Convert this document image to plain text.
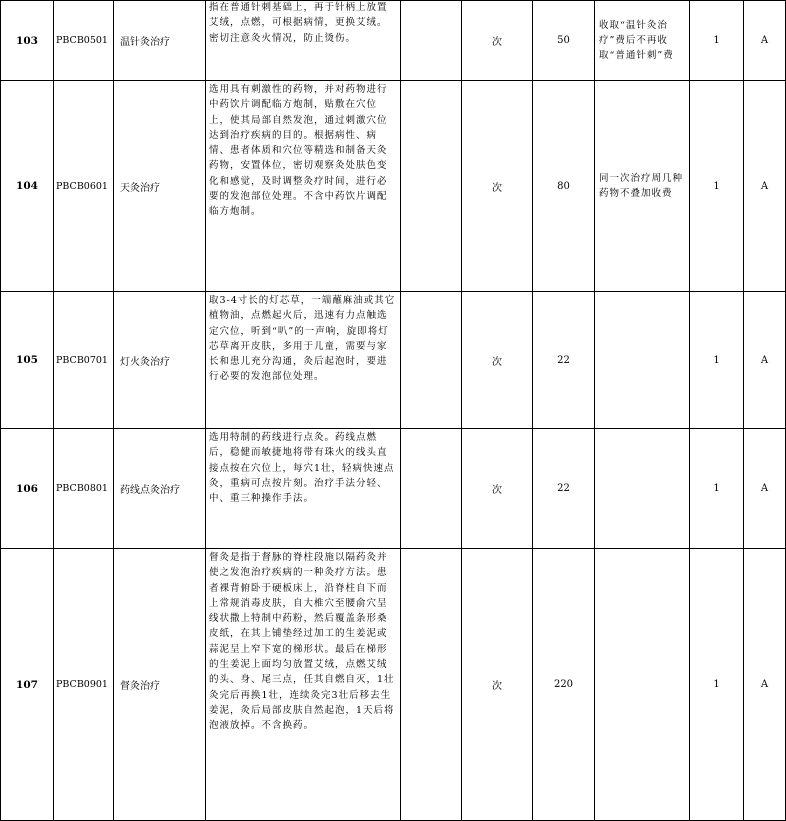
103	PBCB0501	温针灸治疗	指在普通针刺基础上，再于针柄上放置艾绒，点燃，可根据病情，更换艾绒。密切注意灸火情况，防止烫伤。		次	50	收取“温针灸治疗”费后不再收取“普通针刺”费	1	A
104	PBCB0601	天灸治疗	选用具有刺激性的药物，并对药物进行中药饮片调配临方炮制，贴敷在穴位上，使其局部自然发泡，通过刺激穴位达到治疗疾病的目的。根据病性、病情、患者体质和穴位等精选和制备天灸药物，安置体位，密切观察灸处肤色变化和感觉，及时调整灸疗时间，进行必要的发泡部位处理。不含中药饮片调配临方炮制。		次	80	同一次治疗周几种药物不叠加收费	1	A
105	PBCB0701	灯火灸治疗	取3-4寸长的灯芯草，一端蘸麻油或其它植物油，点燃起火后，迅速有力点触选定穴位，听到“叭”的一声响，旋即将灯芯草离开皮肤，多用于儿童，需要与家长和患儿充分沟通，灸后起泡时，要进行必要的发泡部位处理。		次	22		1	A
106	PBCB0801	药线点灸治疗	选用特制的药线进行点灸。药线点燃后，稳健而敏捷地将带有珠火的线头直接点按在穴位上，每穴1壮，轻病快速点灸，重病可点按片刻。治疗手法分轻、中、重三种操作手法。		次	22		1	A
107	PBCB0901	督灸治疗	督灸是指于督脉的脊柱段施以隔药灸并使之发泡治疗疾病的一种灸疗方法。患者裸背俯卧于硬板床上，沿脊柱自下而上常规消毒皮肤，自大椎穴至腰俞穴呈线状撒上特制中药粉，然后覆盖条形桑皮纸，在其上铺垫经过加工的生姜泥或蒜泥呈上窄下宽的梯形状。最后在梯形的生姜泥上面均匀放置艾绒，点燃艾绒的头、身、尾三点，任其自燃自灭，1壮灸完后再换1壮，连续灸完3壮后移去生姜泥，灸后局部皮肤自然起泡，1天后将泡液放掉。不含换药。		次	220		1	A
